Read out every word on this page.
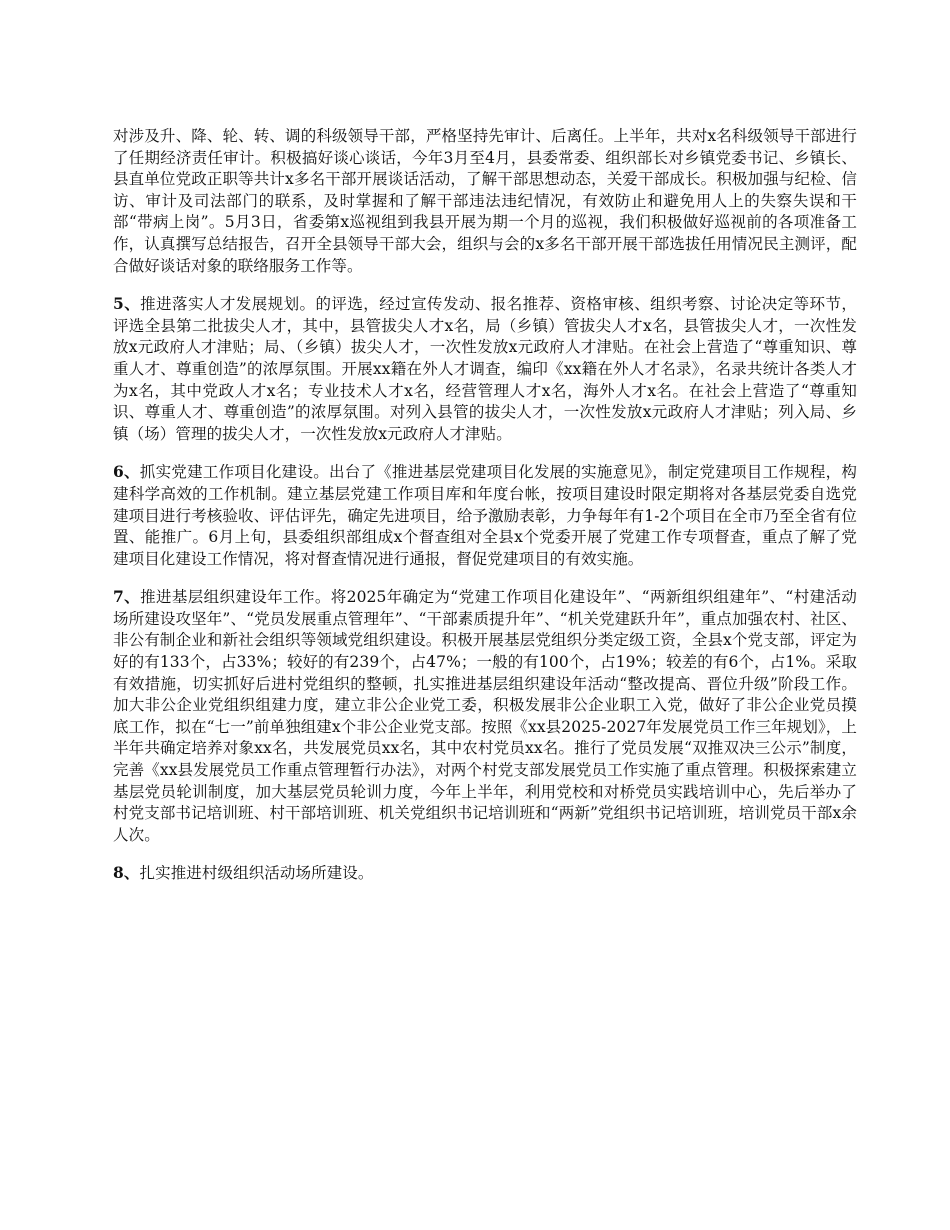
对涉及升、降、轮、转、调的科级领导干部，严格坚持先审计、后离任。上半年，共对x名科级领导干部进行了任期经济责任审计。积极搞好谈心谈话，今年3月至4月，县委常委、组织部长对乡镇党委书记、乡镇长、县直单位党政正职等共计x多名干部开展谈话活动，了解干部思想动态，关爱干部成长。积极加强与纪检、信访、审计及司法部门的联系，及时掌握和了解干部违法违纪情况，有效防止和避免用人上的失察失误和干部“带病上岗”。5月3日，省委第x巡视组到我县开展为期一个月的巡视，我们积极做好巡视前的各项准备工作，认真撰写总结报告，召开全县领导干部大会，组织与会的x多名干部开展干部选拔任用情况民主测评，配合做好谈话对象的联络服务工作等。

5、推进落实人才发展规划。的评选，经过宣传发动、报名推荐、资格审核、组织考察、讨论决定等环节，评选全县第二批拔尖人才，其中，县管拔尖人才x名，局（乡镇）管拔尖人才x名，县管拔尖人才，一次性发放x元政府人才津贴；局、（乡镇）拔尖人才，一次性发放x元政府人才津贴。在社会上营造了“尊重知识、尊重人才、尊重创造”的浓厚氛围。开展xx籍在外人才调查，编印《xx籍在外人才名录》，名录共统计各类人才为x名，其中党政人才x名；专业技术人才x名，经营管理人才x名，海外人才x名。在社会上营造了“尊重知识、尊重人才、尊重创造”的浓厚氛围。对列入县管的拔尖人才，一次性发放x元政府人才津贴；列入局、乡镇（场）管理的拔尖人才，一次性发放x元政府人才津贴。

6、抓实党建工作项目化建设。出台了《推进基层党建项目化发展的实施意见》，制定党建项目工作规程，构建科学高效的工作机制。建立基层党建工作项目库和年度台帐，按项目建设时限定期将对各基层党委自选党建项目进行考核验收、评估评先，确定先进项目，给予激励表彰，力争每年有1-2个项目在全市乃至全省有位置、能推广。6月上旬，县委组织部组成x个督查组对全县x个党委开展了党建工作专项督查，重点了解了党建项目化建设工作情况，将对督查情况进行通报，督促党建项目的有效实施。

7、推进基层组织建设年工作。将2025年确定为“党建工作项目化建设年”、“两新组织组建年”、“村建活动场所建设攻坚年”、“党员发展重点管理年”、“干部素质提升年”、“机关党建跃升年”，重点加强农村、社区、非公有制企业和新社会组织等领域党组织建设。积极开展基层党组织分类定级工资，全县x个党支部，评定为好的有133个，占33%；较好的有239个，占47%；一般的有100个，占19%；较差的有6个，占1%。采取有效措施，切实抓好后进村党组织的整顿，扎实推进基层组织建设年活动“整改提高、晋位升级”阶段工作。加大非公企业党组织组建力度，建立非公企业党工委，积极发展非公企业职工入党，做好了非公企业党员摸底工作，拟在“七一”前单独组建x个非公企业党支部。按照《xx县2025-2027年发展党员工作三年规划》，上半年共确定培养对象xx名，共发展党员xx名，其中农村党员xx名。推行了党员发展“双推双决三公示”制度，完善《xx县发展党员工作重点管理暂行办法》，对两个村党支部发展党员工作实施了重点管理。积极探索建立基层党员轮训制度，加大基层党员轮训力度，今年上半年，利用党校和对桥党员实践培训中心，先后举办了村党支部书记培训班、村干部培训班、机关党组织书记培训班和“两新”党组织书记培训班，培训党员干部x余人次。

8、扎实推进村级组织活动场所建设。
